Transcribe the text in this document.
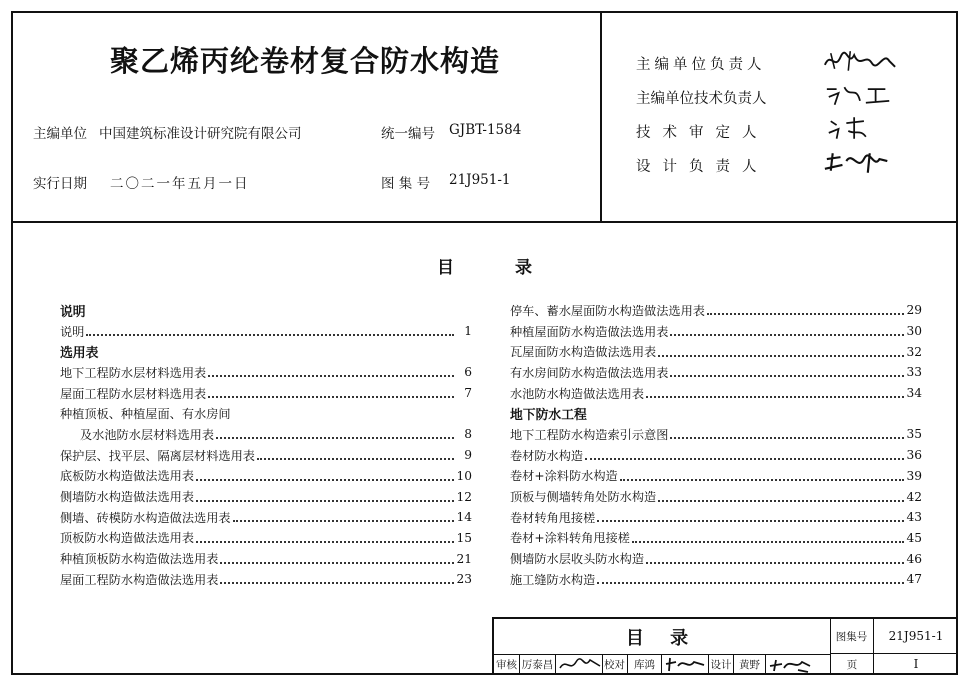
聚乙烯丙纶卷材复合防水构造
主编单位 中国建筑标准设计研究院有限公司	统一编号 GJBT-1584
实行日期 二〇二一年五月一日	图 集 号 21J951-1
主编单位负责人
主编单位技术负责人
技术审定人
设计负责人
目	录
说明
说明	1
选用表
地下工程防水层材料选用表	6
屋面工程防水层材料选用表	7
种植顶板、种植屋面、有水房间
及水池防水层材料选用表	8
保护层、找平层、隔离层材料选用表	9
底板防水构造做法选用表	10
侧墙防水构造做法选用表	12
侧墙、砖模防水构造做法选用表	14
顶板防水构造做法选用表	15
种植顶板防水构造做法选用表	21
屋面工程防水构造做法选用表	23
停车、蓄水屋面防水构造做法选用表	29
种植屋面防水构造做法选用表	30
瓦屋面防水构造做法选用表	32
有水房间防水构造做法选用表	33
水池防水构造做法选用表	34
地下防水工程
地下工程防水构造索引示意图	35
卷材防水构造	36
卷材+涂料防水构造	39
顶板与侧墙转角处防水构造	42
卷材转角甩接槎	43
卷材+涂料转角甩接槎	45
侧墙防水层收头防水构造	46
施工缝防水构造	47
目 录	图集号	21J951-1
审核 厉泰昌	校对 库鸿	设计 黄野	页	I
